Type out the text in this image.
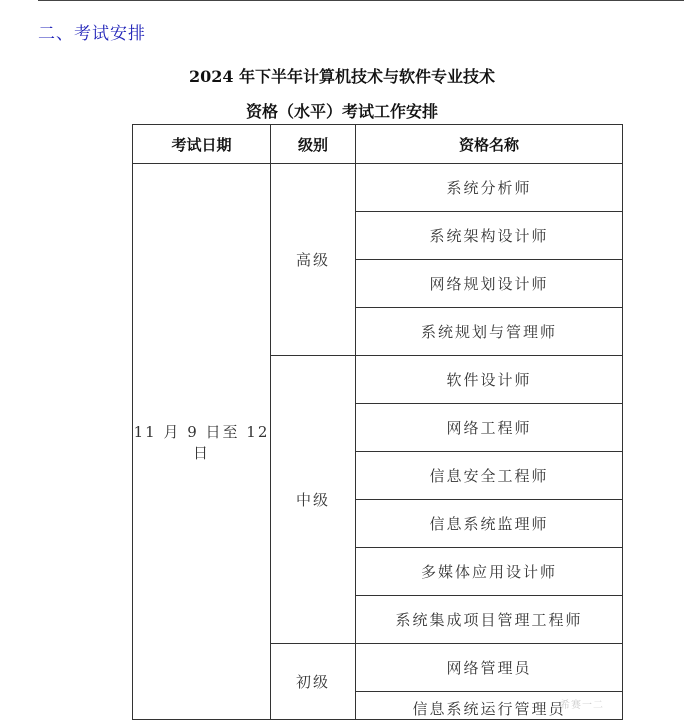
二、考试安排
2024 年下半年计算机技术与软件专业技术
资格（水平）考试工作安排
考试日期	级别	资格名称
11 月 9 日至 12 日	高级	系统分析师
		系统架构设计师
		网络规划设计师
		系统规划与管理师
	中级	软件设计师
		网络工程师
		信息安全工程师
		信息系统监理师
		多媒体应用设计师
		系统集成项目管理工程师
	初级	网络管理员

		信息系统运行管理员
希赛一二
